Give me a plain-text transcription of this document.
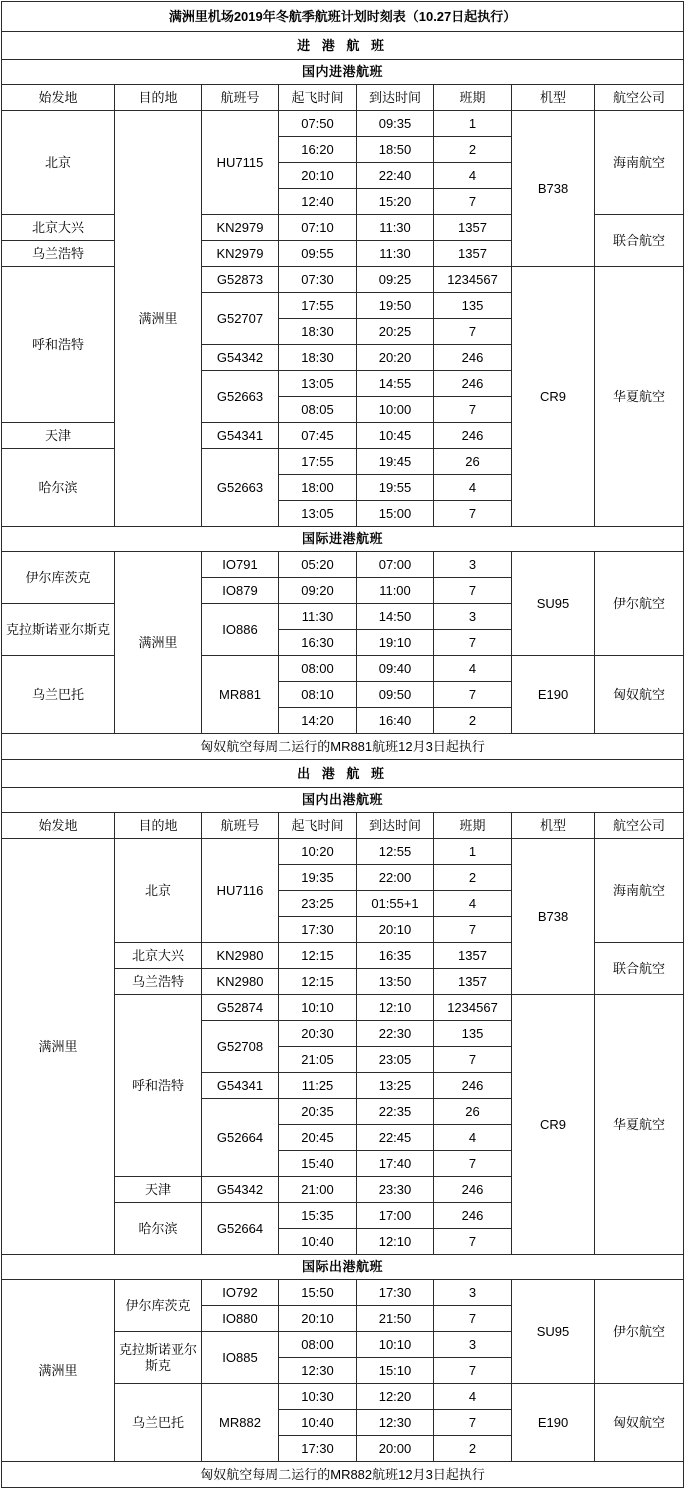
满洲里机场2019年冬航季航班计划时刻表（10.27日起执行）							
进 港 航 班							
国内进港航班							
始发地	目的地	航班号	起飞时间	到达时间	班期	机型	航空公司
北京	满洲里	HU7115	07:50	09:35	1	B738	海南航空
			16:20	18:50	2		
			20:10	22:40	4		
			12:40	15:20	7		
北京大兴		KN2979	07:10	11:30	1357		联合航空
乌兰浩特		KN2979	09:55	11:30	1357		
呼和浩特		G52873	07:30	09:25	1234567	CR9	华夏航空
		G52707	17:55	19:50	135		
			18:30	20:25	7		
		G54342	18:30	20:20	246		
		G52663	13:05	14:55	246		
			08:05	10:00	7		
天津		G54341	07:45	10:45	246		
哈尔滨		G52663	17:55	19:45	26		
			18:00	19:55	4		
			13:05	15:00	7		
国际进港航班							
伊尔库茨克	满洲里	IO791	05:20	07:00	3	SU95	伊尔航空
		IO879	09:20	11:00	7		
克拉斯诺亚尔斯克		IO886	11:30	14:50	3		
			16:30	19:10	7		
乌兰巴托		MR881	08:00	09:40	4	E190	匈奴航空
			08:10	09:50	7		
			14:20	16:40	2		
匈奴航空每周二运行的MR881航班12月3日起执行							
出 港 航 班							
国内出港航班							
始发地	目的地	航班号	起飞时间	到达时间	班期	机型	航空公司
满洲里	北京	HU7116	10:20	12:55	1	B738	海南航空
			19:35	22:00	2		
			23:25	01:55+1	4		
			17:30	20:10	7		
	北京大兴	KN2980	12:15	16:35	1357		联合航空
	乌兰浩特	KN2980	12:15	13:50	1357		
	呼和浩特	G52874	10:10	12:10	1234567	CR9	华夏航空
		G52708	20:30	22:30	135		
			21:05	23:05	7		
		G54341	11:25	13:25	246		
		G52664	20:35	22:35	26		
			20:45	22:45	4		
			15:40	17:40	7		
	天津	G54342	21:00	23:30	246		
	哈尔滨	G52664	15:35	17:00	246		
			10:40	12:10	7		
国际出港航班							
满洲里	伊尔库茨克	IO792	15:50	17:30	3	SU95	伊尔航空
		IO880	20:10	21:50	7		
	克拉斯诺亚尔斯克	IO885	08:00	10:10	3		
			12:30	15:10	7		
	乌兰巴托	MR882	10:30	12:20	4	E190	匈奴航空
			10:40	12:30	7		
			17:30	20:00	2		
匈奴航空每周二运行的MR882航班12月3日起执行							
